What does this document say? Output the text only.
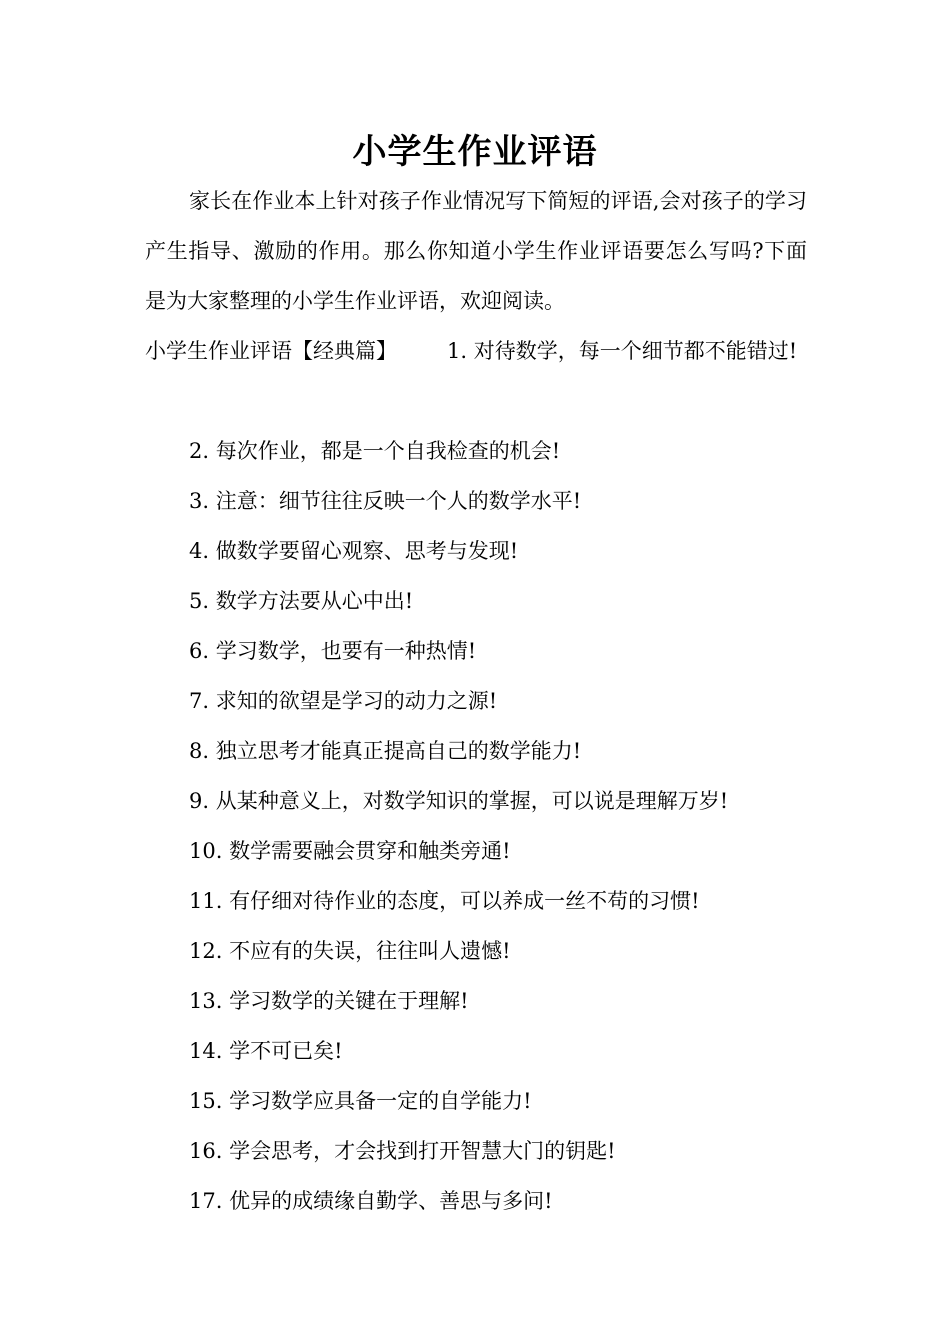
小学生作业评语

家长在作业本上针对孩子作业情况写下简短的评语,会对孩子的学习产生指导、激励的作用。那么你知道小学生作业评语要怎么写吗?下面是为大家整理的小学生作业评语，欢迎阅读。

小学生作业评语【经典篇】 1. 对待数学，每一个细节都不能错过!

2. 每次作业，都是一个自我检查的机会!
3. 注意：细节往往反映一个人的数学水平!
4. 做数学要留心观察、思考与发现!
5. 数学方法要从心中出!
6. 学习数学，也要有一种热情!
7. 求知的欲望是学习的动力之源!
8. 独立思考才能真正提高自己的数学能力!
9. 从某种意义上，对数学知识的掌握，可以说是理解万岁!
10. 数学需要融会贯穿和触类旁通!
11. 有仔细对待作业的态度，可以养成一丝不苟的习惯!
12. 不应有的失误，往往叫人遗憾!
13. 学习数学的关键在于理解!
14. 学不可已矣!
15. 学习数学应具备一定的自学能力!
16. 学会思考，才会找到打开智慧大门的钥匙!
17. 优异的成绩缘自勤学、善思与多问!
